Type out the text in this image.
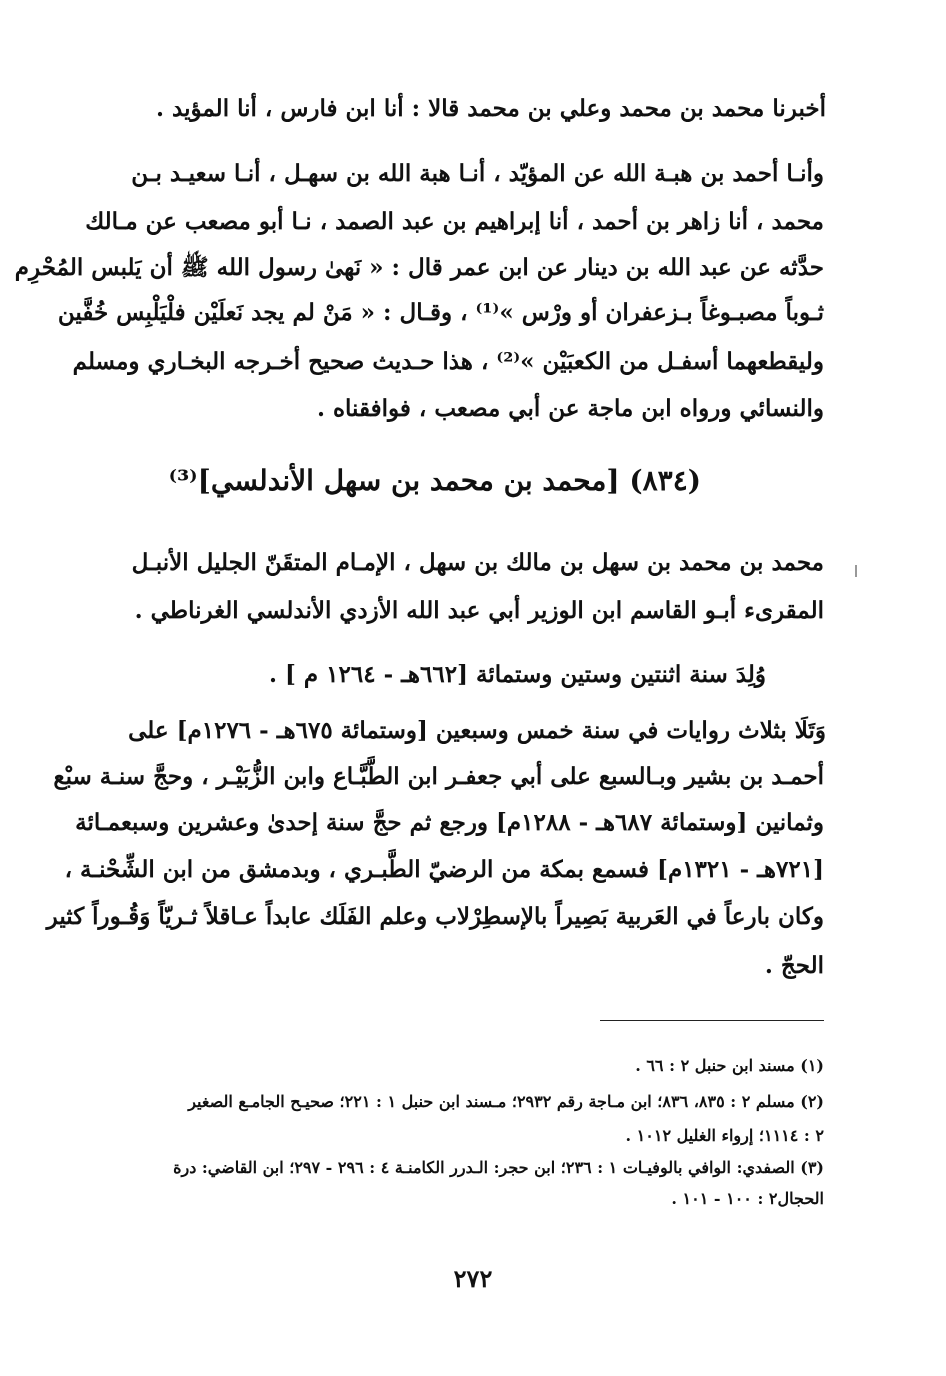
أخبرنا محمد بن محمد وعلي بن محمد قالا : أنا ابن فارس ، أنا المؤيد .
وأنـا أحمد بن هبـة الله عن المؤيّد ، أنـا هبة الله بن سهـل ، أنـا سعيـد بـن
محمد ، أنا زاهر بن أحمد ، أنا إبراهيم بن عبد الصمد ، نـا أبو مصعب عن مـالك
حدَّثه عن عبد الله بن دينار عن ابن عمر قال : « نَهىٰ رسول الله ﷺ أن يَلبس المُحْرِم
ثـوباً مصبـوغاً بـزعفران أو ورْس »⁽¹⁾ ، وقـال : « مَنْ لم يجد نَعلَيْن فلْيَلْبِس خُفَّين
وليقطعهما أسفـل من الكعبَيْن »⁽²⁾ ، هذا حـديث صحيح أخـرجه البخـاري ومسلم
والنسائي ورواه ابن ماجة عن أبي مصعب ، فوافقناه .
(٨٣٤) [محمد بن محمد بن سهل الأندلسي]⁽³⁾
محمد بن محمد بن سهل بن مالك بن سهل ، الإمـام المتقَنّ الجليل الأنبـل
المقرىء أبـو القاسم ابن الوزير أبي عبد الله الأزدي الأندلسي الغرناطي .
وُلِدَ سنة اثنتين وستين وستمائة [٦٦٢هـ - ١٢٦٤ م ] .
وَتَلَا بثلاث روايات في سنة خمس وسبعين [وستمائة ٦٧٥هـ - ١٢٧٦م] على
أحمـد بن بشير وبـالسبع على أبي جعفـر ابن الطَّبَّـاع وابن الزُّبَيْـر ، وحجَّ سنـة سبْع
وثمانين [وستمائة ٦٨٧هـ - ١٢٨٨م] ورجع ثم حجَّ سنة إحدىٰ وعشرين وسبعمـائة
[٧٢١هـ - ١٣٢١م] فسمع بمكة من الرضيّ الطَّبـري ، وبدمشق من ابن الشِّحْنـة ،
وكان بارعاً في العَربية بَصِيراً بالإسطِرْلاب وعلم الفَلَك عابداً عـاقلاً ثـريّاً وَقُـوراً كثير
الحجّ .
(١) مسند ابن حنبل ٢ : ٦٦ .
(٢) مسلم ٢ : ٨٣٥، ٨٣٦؛ ابن مـاجة رقم ٢٩٣٢؛ مـسند ابن حنبل ١ : ٢٢١؛ صحيـح الجامـع الصغير
٢ : ١١١٤؛ إرواء الغليل ١٠١٢ .
(٣) الصفدي: الوافي بالوفيـات ١ : ٢٣٦؛ ابن حجر: الـدرر الكامنـة ٤ : ٢٩٦ - ٢٩٧؛ ابن القاضي: درة
الحجال٢ : ١٠٠ - ١٠١ .
٢٧٢
